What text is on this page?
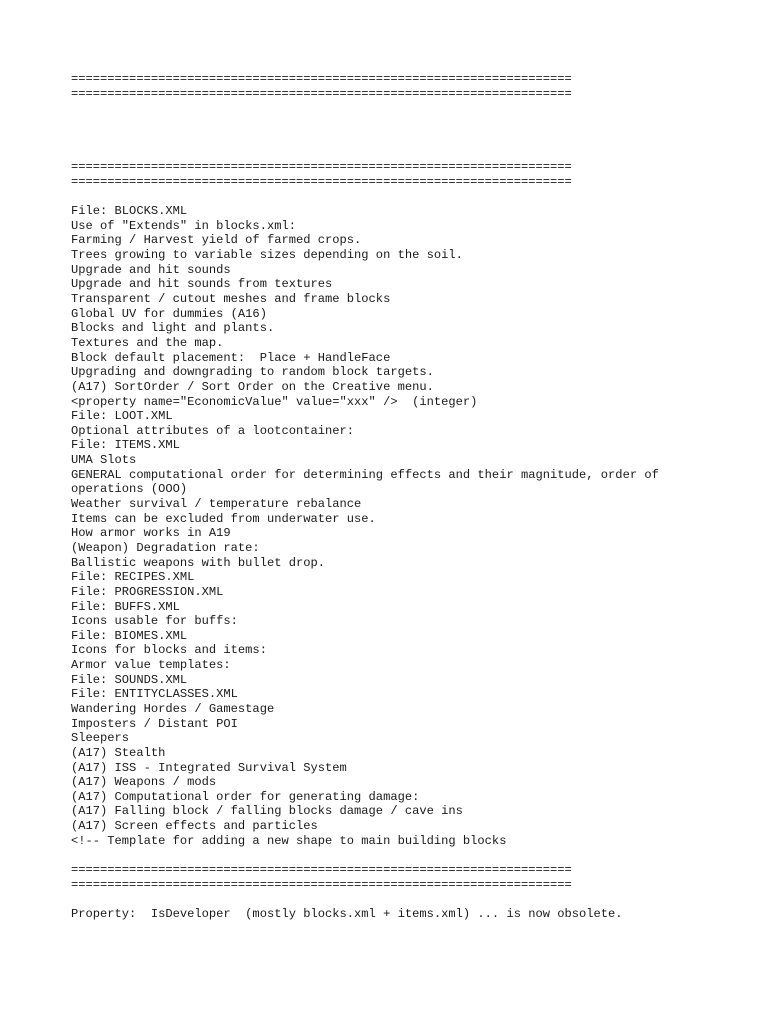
=====================================================================
=====================================================================
=====================================================================
=====================================================================
File: BLOCKS.XML
Use of "Extends" in blocks.xml:
Farming / Harvest yield of farmed crops.
Trees growing to variable sizes depending on the soil.
Upgrade and hit sounds
Upgrade and hit sounds from textures
Transparent / cutout meshes and frame blocks
Global UV for dummies (A16)
Blocks and light and plants.
Textures and the map.
Block default placement:  Place + HandleFace
Upgrading and downgrading to random block targets.
(A17) SortOrder / Sort Order on the Creative menu.
<property name="EconomicValue" value="xxx" />  (integer)
File: LOOT.XML
Optional attributes of a lootcontainer:
File: ITEMS.XML
UMA Slots
GENERAL computational order for determining effects and their magnitude, order of
operations (OOO)
Weather survival / temperature rebalance
Items can be excluded from underwater use.
How armor works in A19
(Weapon) Degradation rate:
Ballistic weapons with bullet drop.
File: RECIPES.XML
File: PROGRESSION.XML
File: BUFFS.XML
Icons usable for buffs:
File: BIOMES.XML
Icons for blocks and items:
Armor value templates:
File: SOUNDS.XML
File: ENTITYCLASSES.XML
Wandering Hordes / Gamestage
Imposters / Distant POI
Sleepers
(A17) Stealth
(A17) ISS - Integrated Survival System
(A17) Weapons / mods
(A17) Computational order for generating damage:
(A17) Falling block / falling blocks damage / cave ins
(A17) Screen effects and particles
<!-- Template for adding a new shape to main building blocks
=====================================================================
=====================================================================
Property:  IsDeveloper  (mostly blocks.xml + items.xml) ... is now obsolete.
